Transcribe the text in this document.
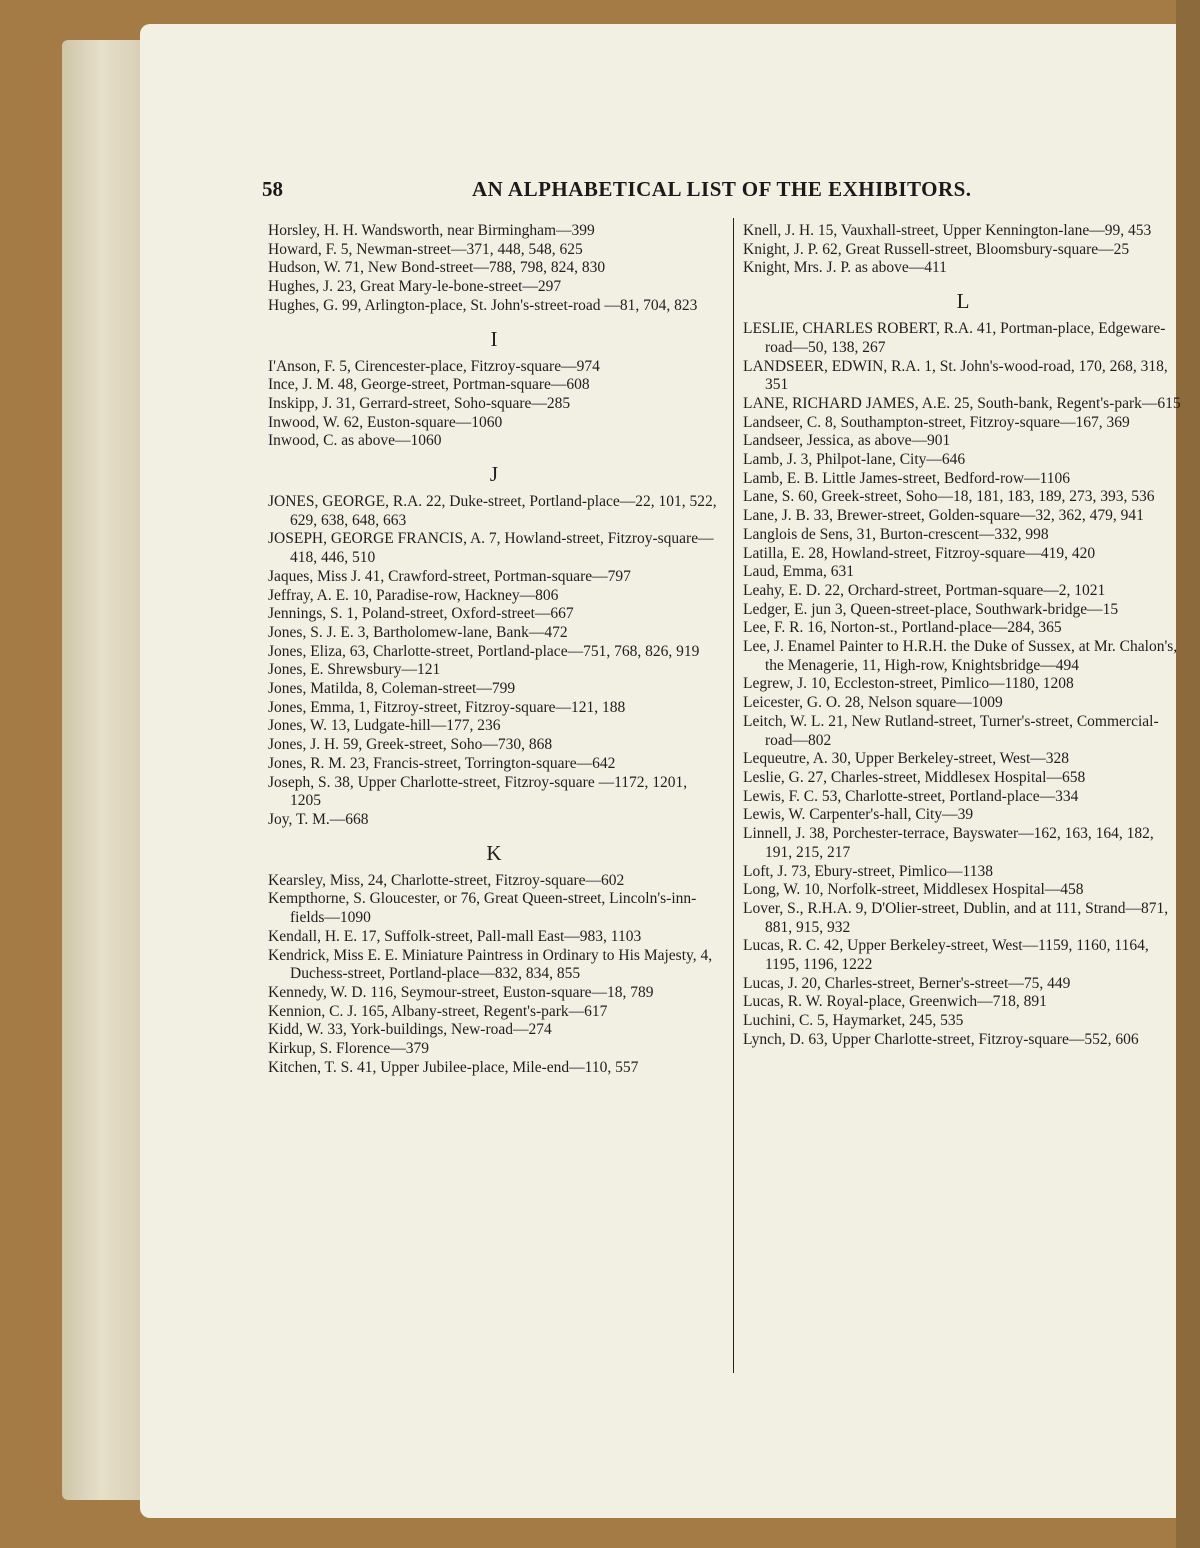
58	AN ALPHABETICAL LIST OF THE EXHIBITORS.
Horsley, H. H. Wandsworth, near Birmingham—399
Howard, F. 5, Newman-street—371, 448, 548, 625
Hudson, W. 71, New Bond-street—788, 798, 824, 830
Hughes, J. 23, Great Mary-le-bone-street—297
Hughes, G. 99, Arlington-place, St. John's-street-road —81, 704, 823
I
I'Anson, F. 5, Cirencester-place, Fitzroy-square—974
Ince, J. M. 48, George-street, Portman-square—608
Inskipp, J. 31, Gerrard-street, Soho-square—285
Inwood, W. 62, Euston-square—1060
Inwood, C. as above—1060
J
JONES, GEORGE, R.A. 22, Duke-street, Portland-place—22, 101, 522, 629, 638, 648, 663
JOSEPH, GEORGE FRANCIS, A. 7, Howland-street, Fitzroy-square—418, 446, 510
Jaques, Miss J. 41, Crawford-street, Portman-square—797
Jeffray, A. E. 10, Paradise-row, Hackney—806
Jennings, S. 1, Poland-street, Oxford-street—667
Jones, S. J. E. 3, Bartholomew-lane, Bank—472
Jones, Eliza, 63, Charlotte-street, Portland-place—751, 768, 826, 919
Jones, E. Shrewsbury—121
Jones, Matilda, 8, Coleman-street—799
Jones, Emma, 1, Fitzroy-street, Fitzroy-square—121, 188
Jones, W. 13, Ludgate-hill—177, 236
Jones, J. H. 59, Greek-street, Soho—730, 868
Jones, R. M. 23, Francis-street, Torrington-square—642
Joseph, S. 38, Upper Charlotte-street, Fitzroy-square —1172, 1201, 1205
Joy, T. M.—668
K
Kearsley, Miss, 24, Charlotte-street, Fitzroy-square—602
Kempthorne, S. Gloucester, or 76, Great Queen-street, Lincoln's-inn-fields—1090
Kendall, H. E. 17, Suffolk-street, Pall-mall East—983, 1103
Kendrick, Miss E. E. Miniature Paintress in Ordinary to His Majesty, 4, Duchess-street, Portland-place—832, 834, 855
Kennedy, W. D. 116, Seymour-street, Euston-square—18, 789
Kennion, C. J. 165, Albany-street, Regent's-park—617
Kidd, W. 33, York-buildings, New-road—274
Kirkup, S. Florence—379
Kitchen, T. S. 41, Upper Jubilee-place, Mile-end—110, 557
Knell, J. H. 15, Vauxhall-street, Upper Kennington-lane—99, 453
Knight, J. P. 62, Great Russell-street, Bloomsbury-square—25
Knight, Mrs. J. P. as above—411
L
LESLIE, CHARLES ROBERT, R.A. 41, Portman-place, Edgeware-road—50, 138, 267
LANDSEER, EDWIN, R.A. 1, St. John's-wood-road, 170, 268, 318, 351
LANE, RICHARD JAMES, A.E. 25, South-bank, Regent's-park—615
Landseer, C. 8, Southampton-street, Fitzroy-square—167, 369
Landseer, Jessica, as above—901
Lamb, J. 3, Philpot-lane, City—646
Lamb, E. B. Little James-street, Bedford-row—1106
Lane, S. 60, Greek-street, Soho—18, 181, 183, 189, 273, 393, 536
Lane, J. B. 33, Brewer-street, Golden-square—32, 362, 479, 941
Langlois de Sens, 31, Burton-crescent—332, 998
Latilla, E. 28, Howland-street, Fitzroy-square—419, 420
Laud, Emma, 631
Leahy, E. D. 22, Orchard-street, Portman-square—2, 1021
Ledger, E. jun 3, Queen-street-place, Southwark-bridge—15
Lee, F. R. 16, Norton-st., Portland-place—284, 365
Lee, J. Enamel Painter to H.R.H. the Duke of Sussex, at Mr. Chalon's, the Menagerie, 11, High-row, Knightsbridge—494
Legrew, J. 10, Eccleston-street, Pimlico—1180, 1208
Leicester, G. O. 28, Nelson square—1009
Leitch, W. L. 21, New Rutland-street, Turner's-street, Commercial-road—802
Lequeutre, A. 30, Upper Berkeley-street, West—328
Leslie, G. 27, Charles-street, Middlesex Hospital—658
Lewis, F. C. 53, Charlotte-street, Portland-place—334
Lewis, W. Carpenter's-hall, City—39
Linnell, J. 38, Porchester-terrace, Bayswater—162, 163, 164, 182, 191, 215, 217
Loft, J. 73, Ebury-street, Pimlico—1138
Long, W. 10, Norfolk-street, Middlesex Hospital—458
Lover, S., R.H.A. 9, D'Olier-street, Dublin, and at 111, Strand—871, 881, 915, 932
Lucas, R. C. 42, Upper Berkeley-street, West—1159, 1160, 1164, 1195, 1196, 1222
Lucas, J. 20, Charles-street, Berner's-street—75, 449
Lucas, R. W. Royal-place, Greenwich—718, 891
Luchini, C. 5, Haymarket, 245, 535
Lynch, D. 63, Upper Charlotte-street, Fitzroy-square—552, 606
